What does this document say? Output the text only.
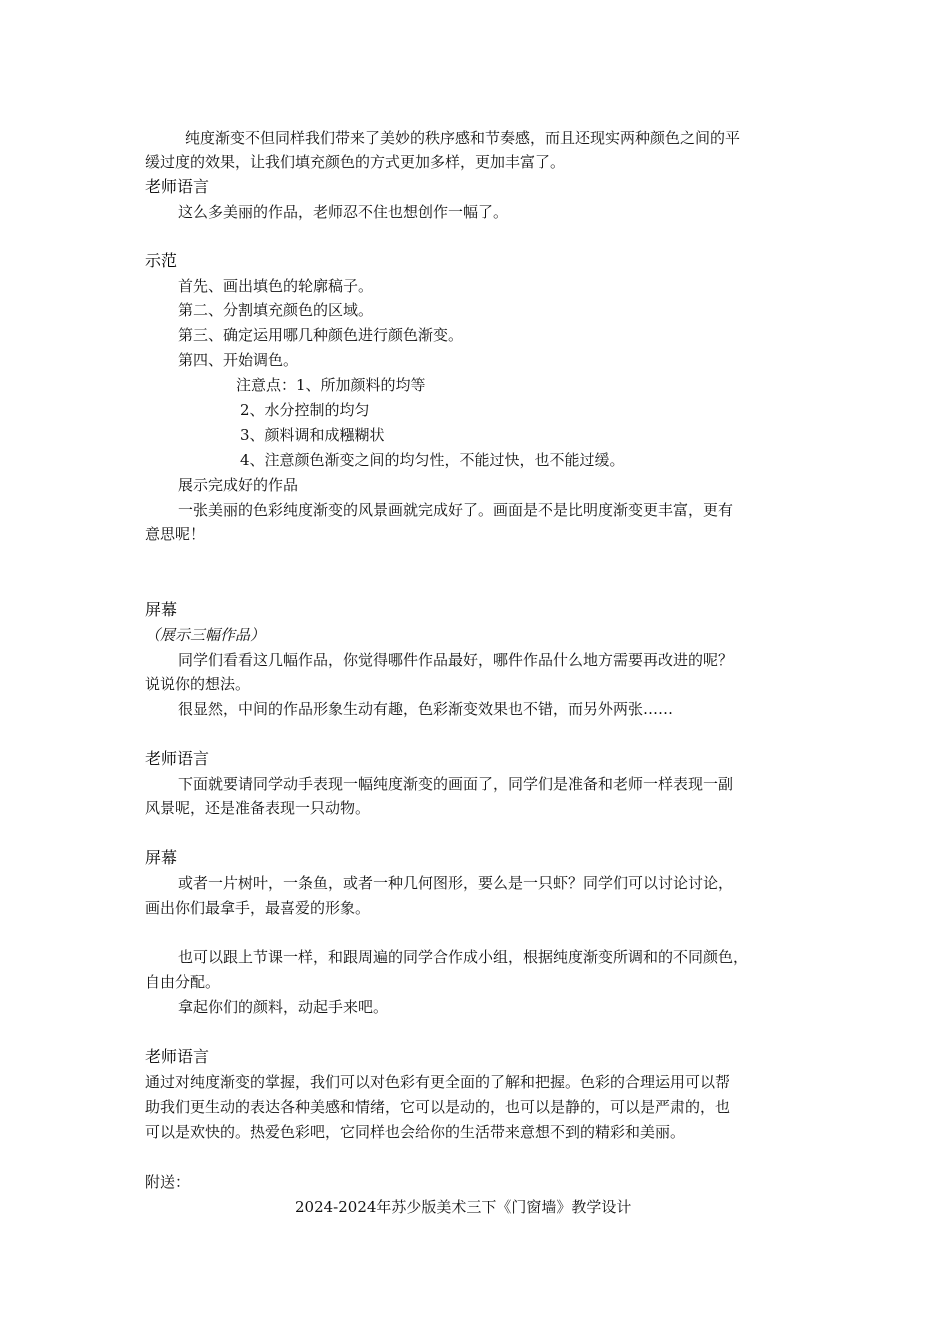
纯度渐变不但同样我们带来了美妙的秩序感和节奏感，而且还现实两种颜色之间的平
缓过度的效果，让我们填充颜色的方式更加多样，更加丰富了。
老师语言
这么多美丽的作品，老师忍不住也想创作一幅了。
示范
首先、画出填色的轮廓稿子。
第二、分割填充颜色的区域。
第三、确定运用哪几种颜色进行颜色渐变。
第四、开始调色。
注意点：1、所加颜料的均等
2、水分控制的均匀
3、颜料调和成糨糊状
4、注意颜色渐变之间的均匀性，不能过快，也不能过缓。
展示完成好的作品
一张美丽的色彩纯度渐变的风景画就完成好了。画面是不是比明度渐变更丰富，更有
意思呢！
屏幕
（展示三幅作品）
同学们看看这几幅作品，你觉得哪件作品最好，哪件作品什么地方需要再改进的呢？
说说你的想法。
很显然，中间的作品形象生动有趣，色彩渐变效果也不错，而另外两张……
老师语言
下面就要请同学动手表现一幅纯度渐变的画面了，同学们是准备和老师一样表现一副
风景呢，还是准备表现一只动物。
屏幕
或者一片树叶，一条鱼，或者一种几何图形，要么是一只虾？同学们可以讨论讨论，
画出你们最拿手，最喜爱的形象。
也可以跟上节课一样，和跟周遍的同学合作成小组，根据纯度渐变所调和的不同颜色，
自由分配。
拿起你们的颜料，动起手来吧。
老师语言
通过对纯度渐变的掌握，我们可以对色彩有更全面的了解和把握。色彩的合理运用可以帮
助我们更生动的表达各种美感和情绪，它可以是动的，也可以是静的，可以是严肃的，也
可以是欢快的。热爱色彩吧，它同样也会给你的生活带来意想不到的精彩和美丽。
附送：
2024-2024年苏少版美术三下《门窗墙》教学设计
